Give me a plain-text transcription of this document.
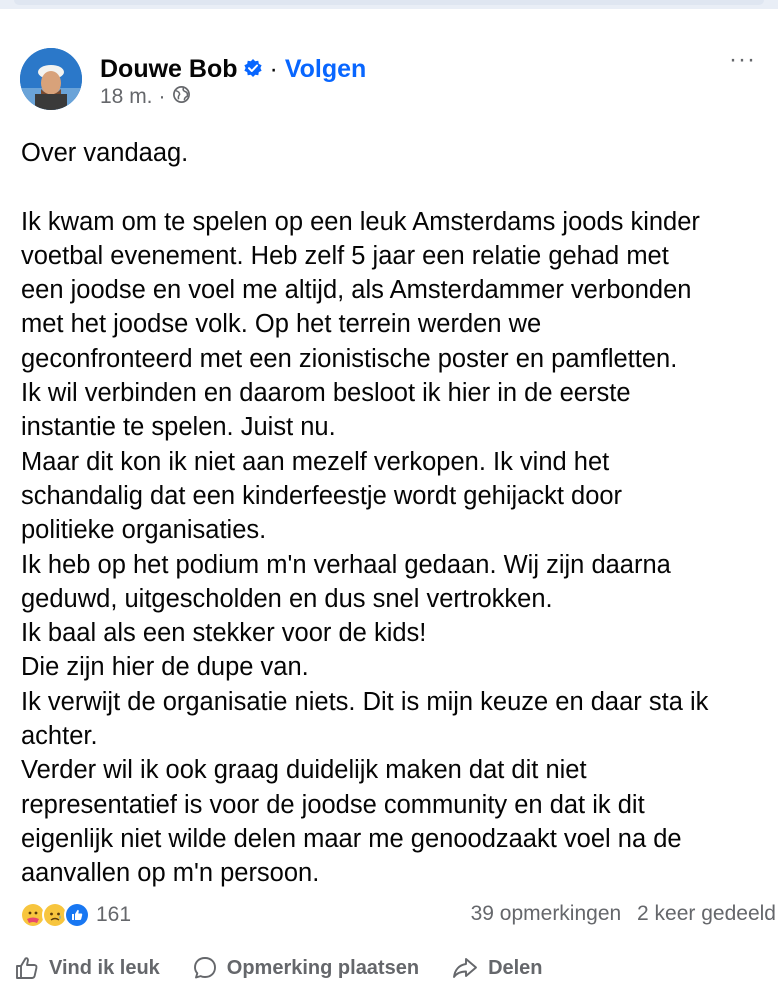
Douwe Bob · Volgen
18 m. ·
···
Over vandaag.

Ik kwam om te spelen op een leuk Amsterdams joods kinder
voetbal evenement. Heb zelf 5 jaar een relatie gehad met
een joodse en voel me altijd, als Amsterdammer verbonden
met het joodse volk. Op het terrein werden we
geconfronteerd met een zionistische poster en pamfletten.
Ik wil verbinden en daarom besloot ik hier in de eerste
instantie te spelen. Juist nu.
Maar dit kon ik niet aan mezelf verkopen. Ik vind het
schandalig dat een kinderfeestje wordt gehijackt door
politieke organisaties.
Ik heb op het podium m'n verhaal gedaan. Wij zijn daarna
geduwd, uitgescholden en dus snel vertrokken.
Ik baal als een stekker voor de kids!
Die zijn hier de dupe van.
Ik verwijt de organisatie niets. Dit is mijn keuze en daar sta ik
achter.
Verder wil ik ook graag duidelijk maken dat dit niet
representatief is voor de joodse community en dat ik dit
eigenlijk niet wilde delen maar me genoodzaakt voel na de
aanvallen op m'n persoon.
161	39 opmerkingen 2 keer gedeeld
Vind ik leuk	Opmerking plaatsen	Delen
